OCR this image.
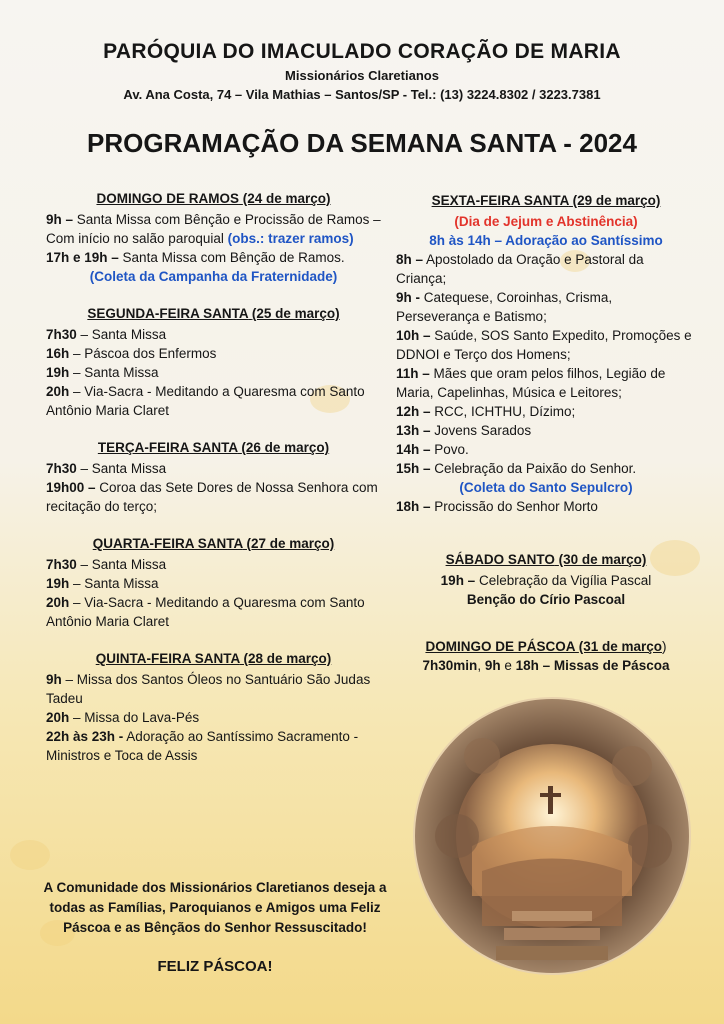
PARÓQUIA DO IMACULADO CORAÇÃO DE MARIA
Missionários Claretianos
Av. Ana Costa, 74 – Vila Mathias – Santos/SP - Tel.: (13) 3224.8302 / 3223.7381
PROGRAMAÇÃO DA SEMANA SANTA - 2024
DOMINGO DE RAMOS (24 de março)
9h – Santa Missa com Bênção e Procissão de Ramos – Com início no salão paroquial (obs.: trazer ramos)
17h e 19h – Santa Missa com Bênção de Ramos.
(Coleta da Campanha da Fraternidade)
SEGUNDA-FEIRA SANTA (25 de março)
7h30 – Santa Missa
16h – Páscoa dos Enfermos
19h – Santa Missa
20h – Via-Sacra - Meditando a Quaresma com Santo Antônio Maria Claret
TERÇA-FEIRA SANTA (26 de março)
7h30 – Santa Missa
19h00 – Coroa das Sete Dores de Nossa Senhora com recitação do terço;
QUARTA-FEIRA SANTA (27 de março)
7h30 – Santa Missa
19h – Santa Missa
20h – Via-Sacra - Meditando a Quaresma com Santo Antônio Maria Claret
QUINTA-FEIRA SANTA (28 de março)
9h – Missa dos Santos Óleos no Santuário São Judas Tadeu
20h – Missa do Lava-Pés
22h às 23h - Adoração ao Santíssimo Sacramento - Ministros e Toca de Assis
SEXTA-FEIRA SANTA (29 de março)
(Dia de Jejum e Abstinência)
8h às 14h – Adoração ao Santíssimo
8h – Apostolado da Oração e Pastoral da Criança;
9h - Catequese, Coroinhas, Crisma, Perseverança e Batismo;
10h – Saúde, SOS Santo Expedito, Promoções e DDNOI e Terço dos Homens;
11h – Mães que oram pelos filhos, Legião de Maria, Capelinhas, Música e Leitores;
12h – RCC, ICHTHU, Dízimo;
13h – Jovens Sarados
14h – Povo.
15h – Celebração da Paixão do Senhor.
(Coleta do Santo Sepulcro)
18h – Procissão do Senhor Morto
SÁBADO SANTO (30 de março)
19h – Celebração da Vigília Pascal
Benção do Círio Pascoal
DOMINGO DE PÁSCOA (31 de março)
7h30min, 9h e 18h – Missas de Páscoa
A Comunidade dos Missionários Claretianos deseja a todas as Famílias, Paroquianos e Amigos uma Feliz Páscoa e as Bênçãos do Senhor Ressuscitado!
FELIZ PÁSCOA!
